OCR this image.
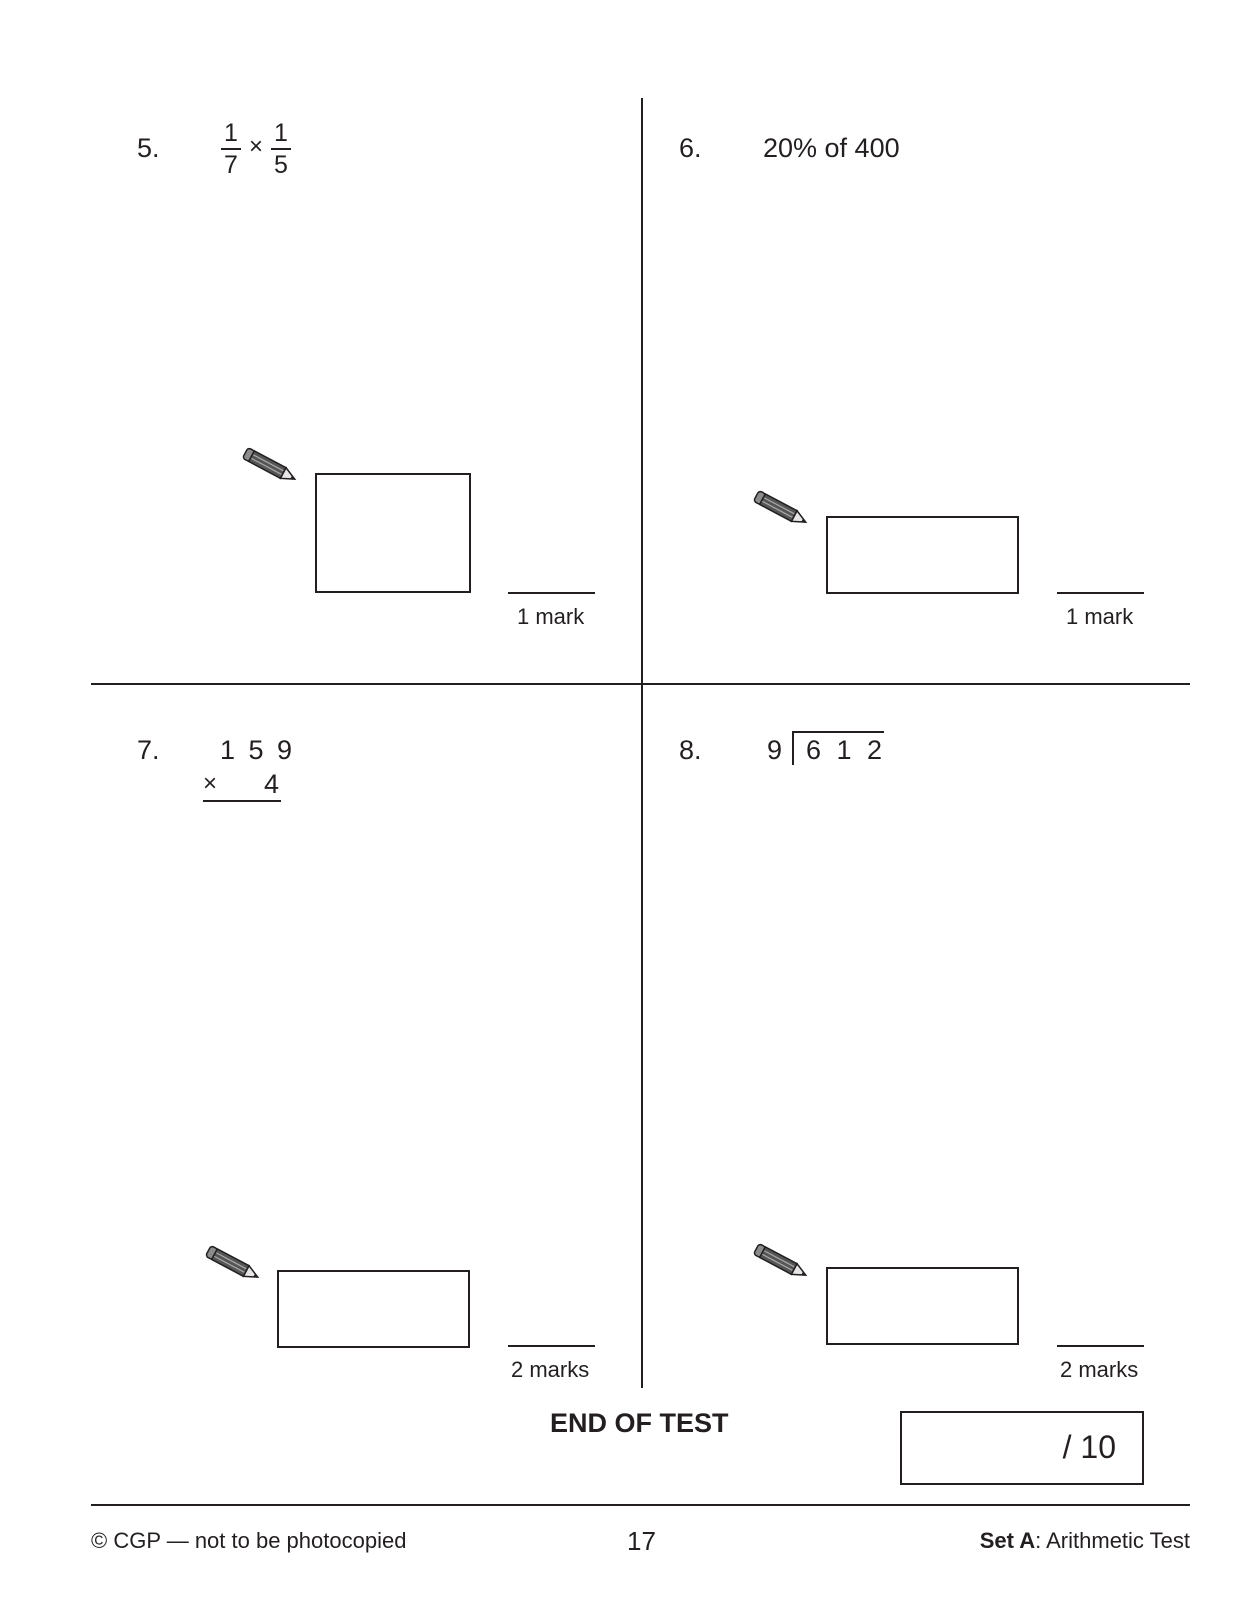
5.	1
7
× 1
5
1 mark
6. 20% of 400
1 mark
7. 1 5 9
× 4
2 marks
8. 9 6 1 2
2 marks
END OF TEST
/ 10
© CGP — not to be photocopied	17	Set A: Arithmetic Test
